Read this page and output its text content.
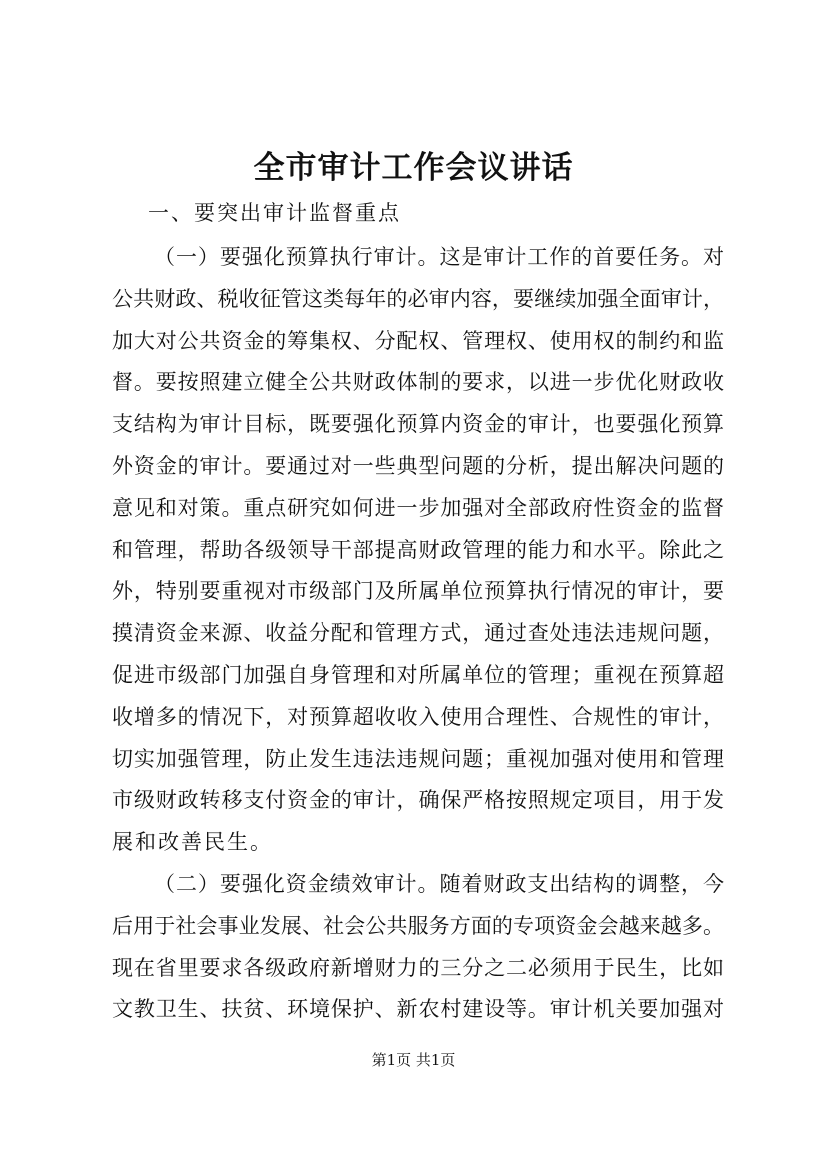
全市审计工作会议讲话

一、要突出审计监督重点

（一）要强化预算执行审计。这是审计工作的首要任务。对
公共财政、税收征管这类每年的必审内容，要继续加强全面审计，
加大对公共资金的筹集权、分配权、管理权、使用权的制约和监
督。要按照建立健全公共财政体制的要求，以进一步优化财政收
支结构为审计目标，既要强化预算内资金的审计，也要强化预算
外资金的审计。要通过对一些典型问题的分析，提出解决问题的
意见和对策。重点研究如何进一步加强对全部政府性资金的监督
和管理，帮助各级领导干部提高财政管理的能力和水平。除此之
外，特别要重视对市级部门及所属单位预算执行情况的审计，要
摸清资金来源、收益分配和管理方式，通过查处违法违规问题，
促进市级部门加强自身管理和对所属单位的管理；重视在预算超
收增多的情况下，对预算超收收入使用合理性、合规性的审计，
切实加强管理，防止发生违法违规问题；重视加强对使用和管理
市级财政转移支付资金的审计，确保严格按照规定项目，用于发
展和改善民生。
（二）要强化资金绩效审计。随着财政支出结构的调整，今
后用于社会事业发展、社会公共服务方面的专项资金会越来越多。
现在省里要求各级政府新增财力的三分之二必须用于民生，比如
文教卫生、扶贫、环境保护、新农村建设等。审计机关要加强对

第1页 共1页
